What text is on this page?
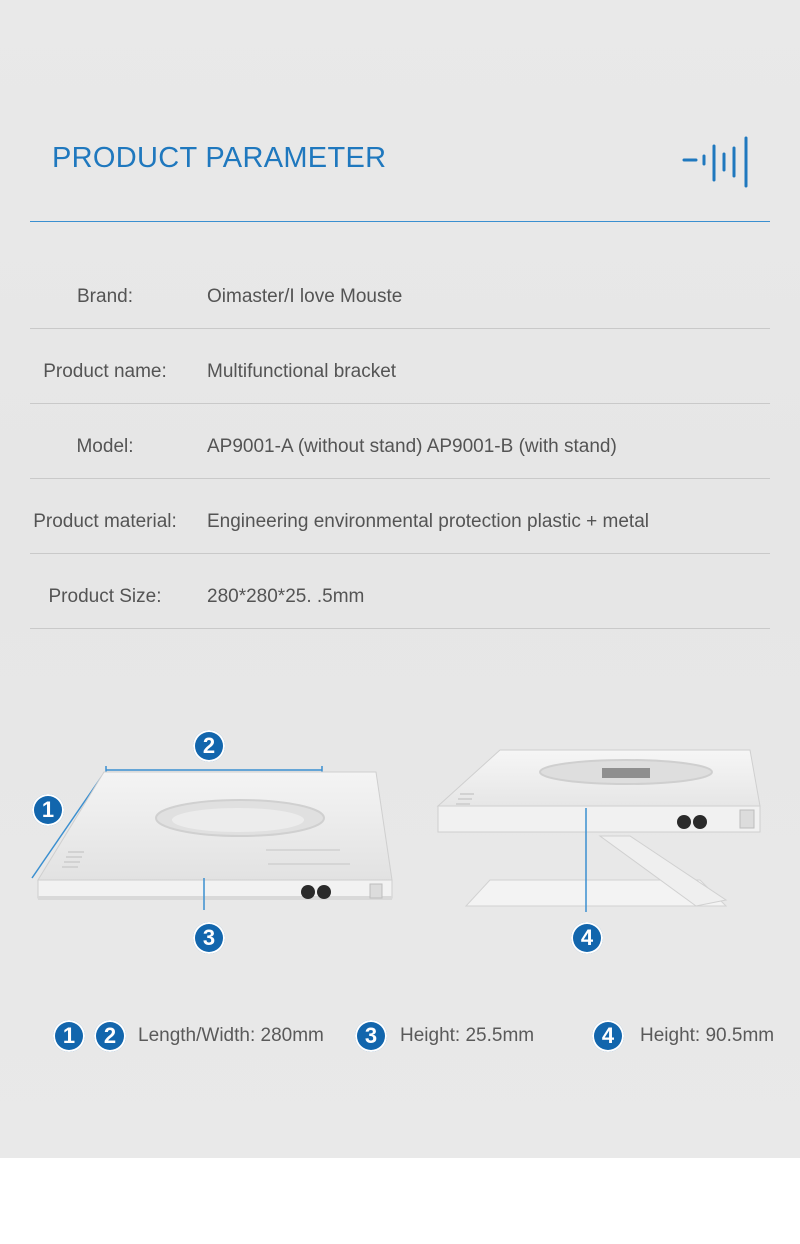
PRODUCT PARAMETER
Brand:	Oimaster/I love Mouste
Product name:	Multifunctional bracket
Model:	AP9001-A (without stand) AP9001-B (with stand)
Product material: Engineering environmental protection plastic + metal
Product Size:	280*280*25. .5mm
2
1
3	4
1	2	Length/Width: 280mm	3	Height: 25.5mm	4	Height: 90.5mm
